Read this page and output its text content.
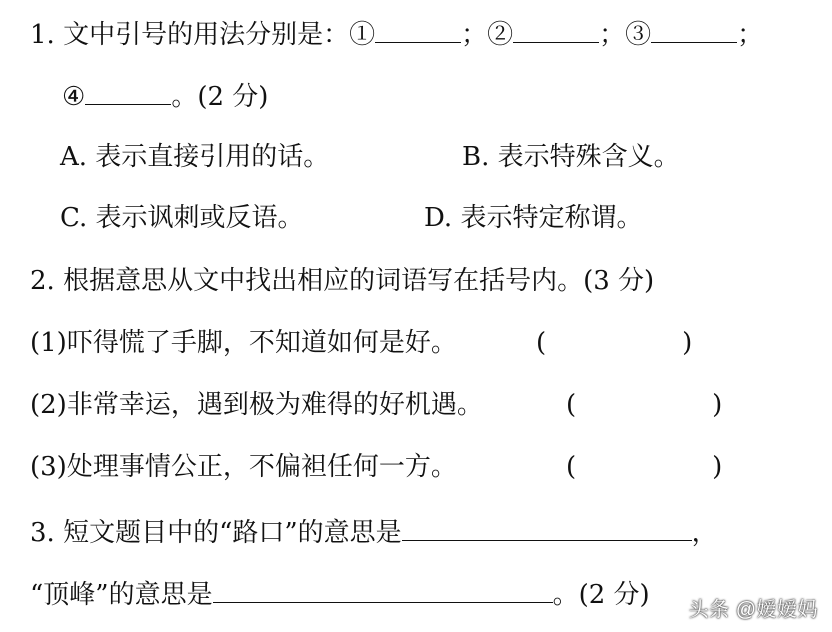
1. 文中引号的用法分别是：①	；②	；③	；
④	。(2 分)
A. 表示直接引用的话。	B. 表示特殊含义。
C. 表示讽刺或反语。	D. 表示特定称谓。
2. 根据意思从文中找出相应的词语写在括号内。(3 分)
(1)吓得慌了手脚，不知道如何是好。	(	)
(2)非常幸运，遇到极为难得的好机遇。	(	)
(3)处理事情公正，不偏袒任何一方。	(	)
3. 短文题目中的“路口”的意思是	，
“顶峰”的意思是	。(2 分) 头条 @嫒嫒妈
